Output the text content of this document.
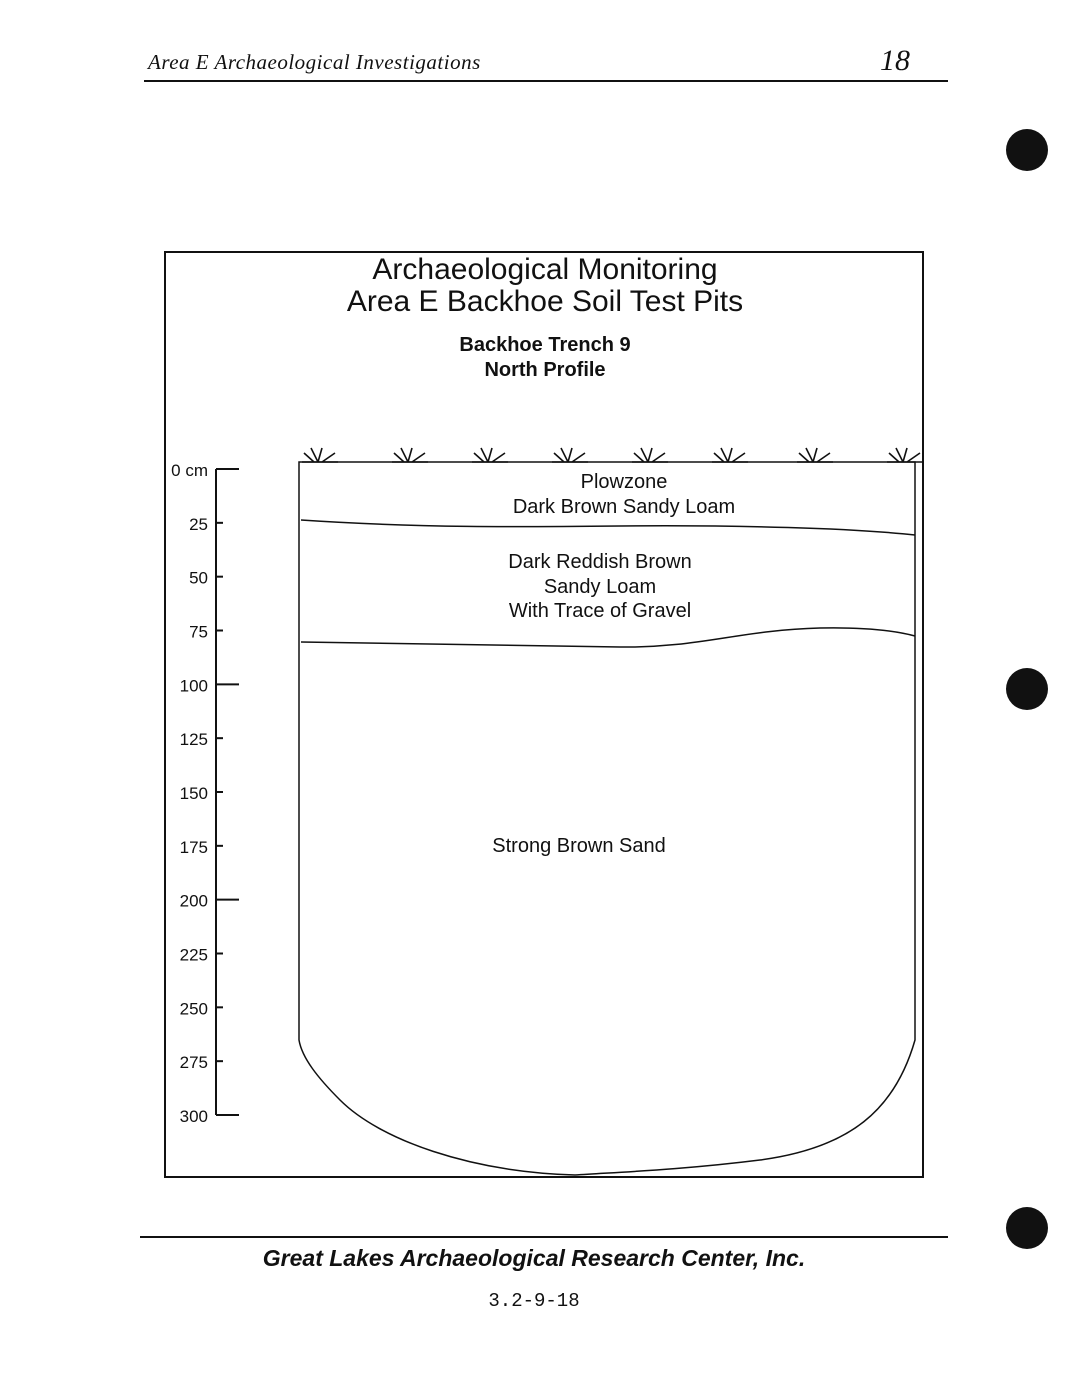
Area E Archaeological Investigations	18
0 cm
25
50
75
100
125
150
175
200
225
250
275
300
Plowzone
Dark Brown Sandy Loam
Dark Reddish Brown
Sandy Loam
With Trace of Gravel
Strong Brown Sand
Archaeological Monitoring
Area E Backhoe Soil Test Pits
Backhoe Trench 9
North Profile
Great Lakes Archaeological Research Center, Inc.
3.2-9-18
